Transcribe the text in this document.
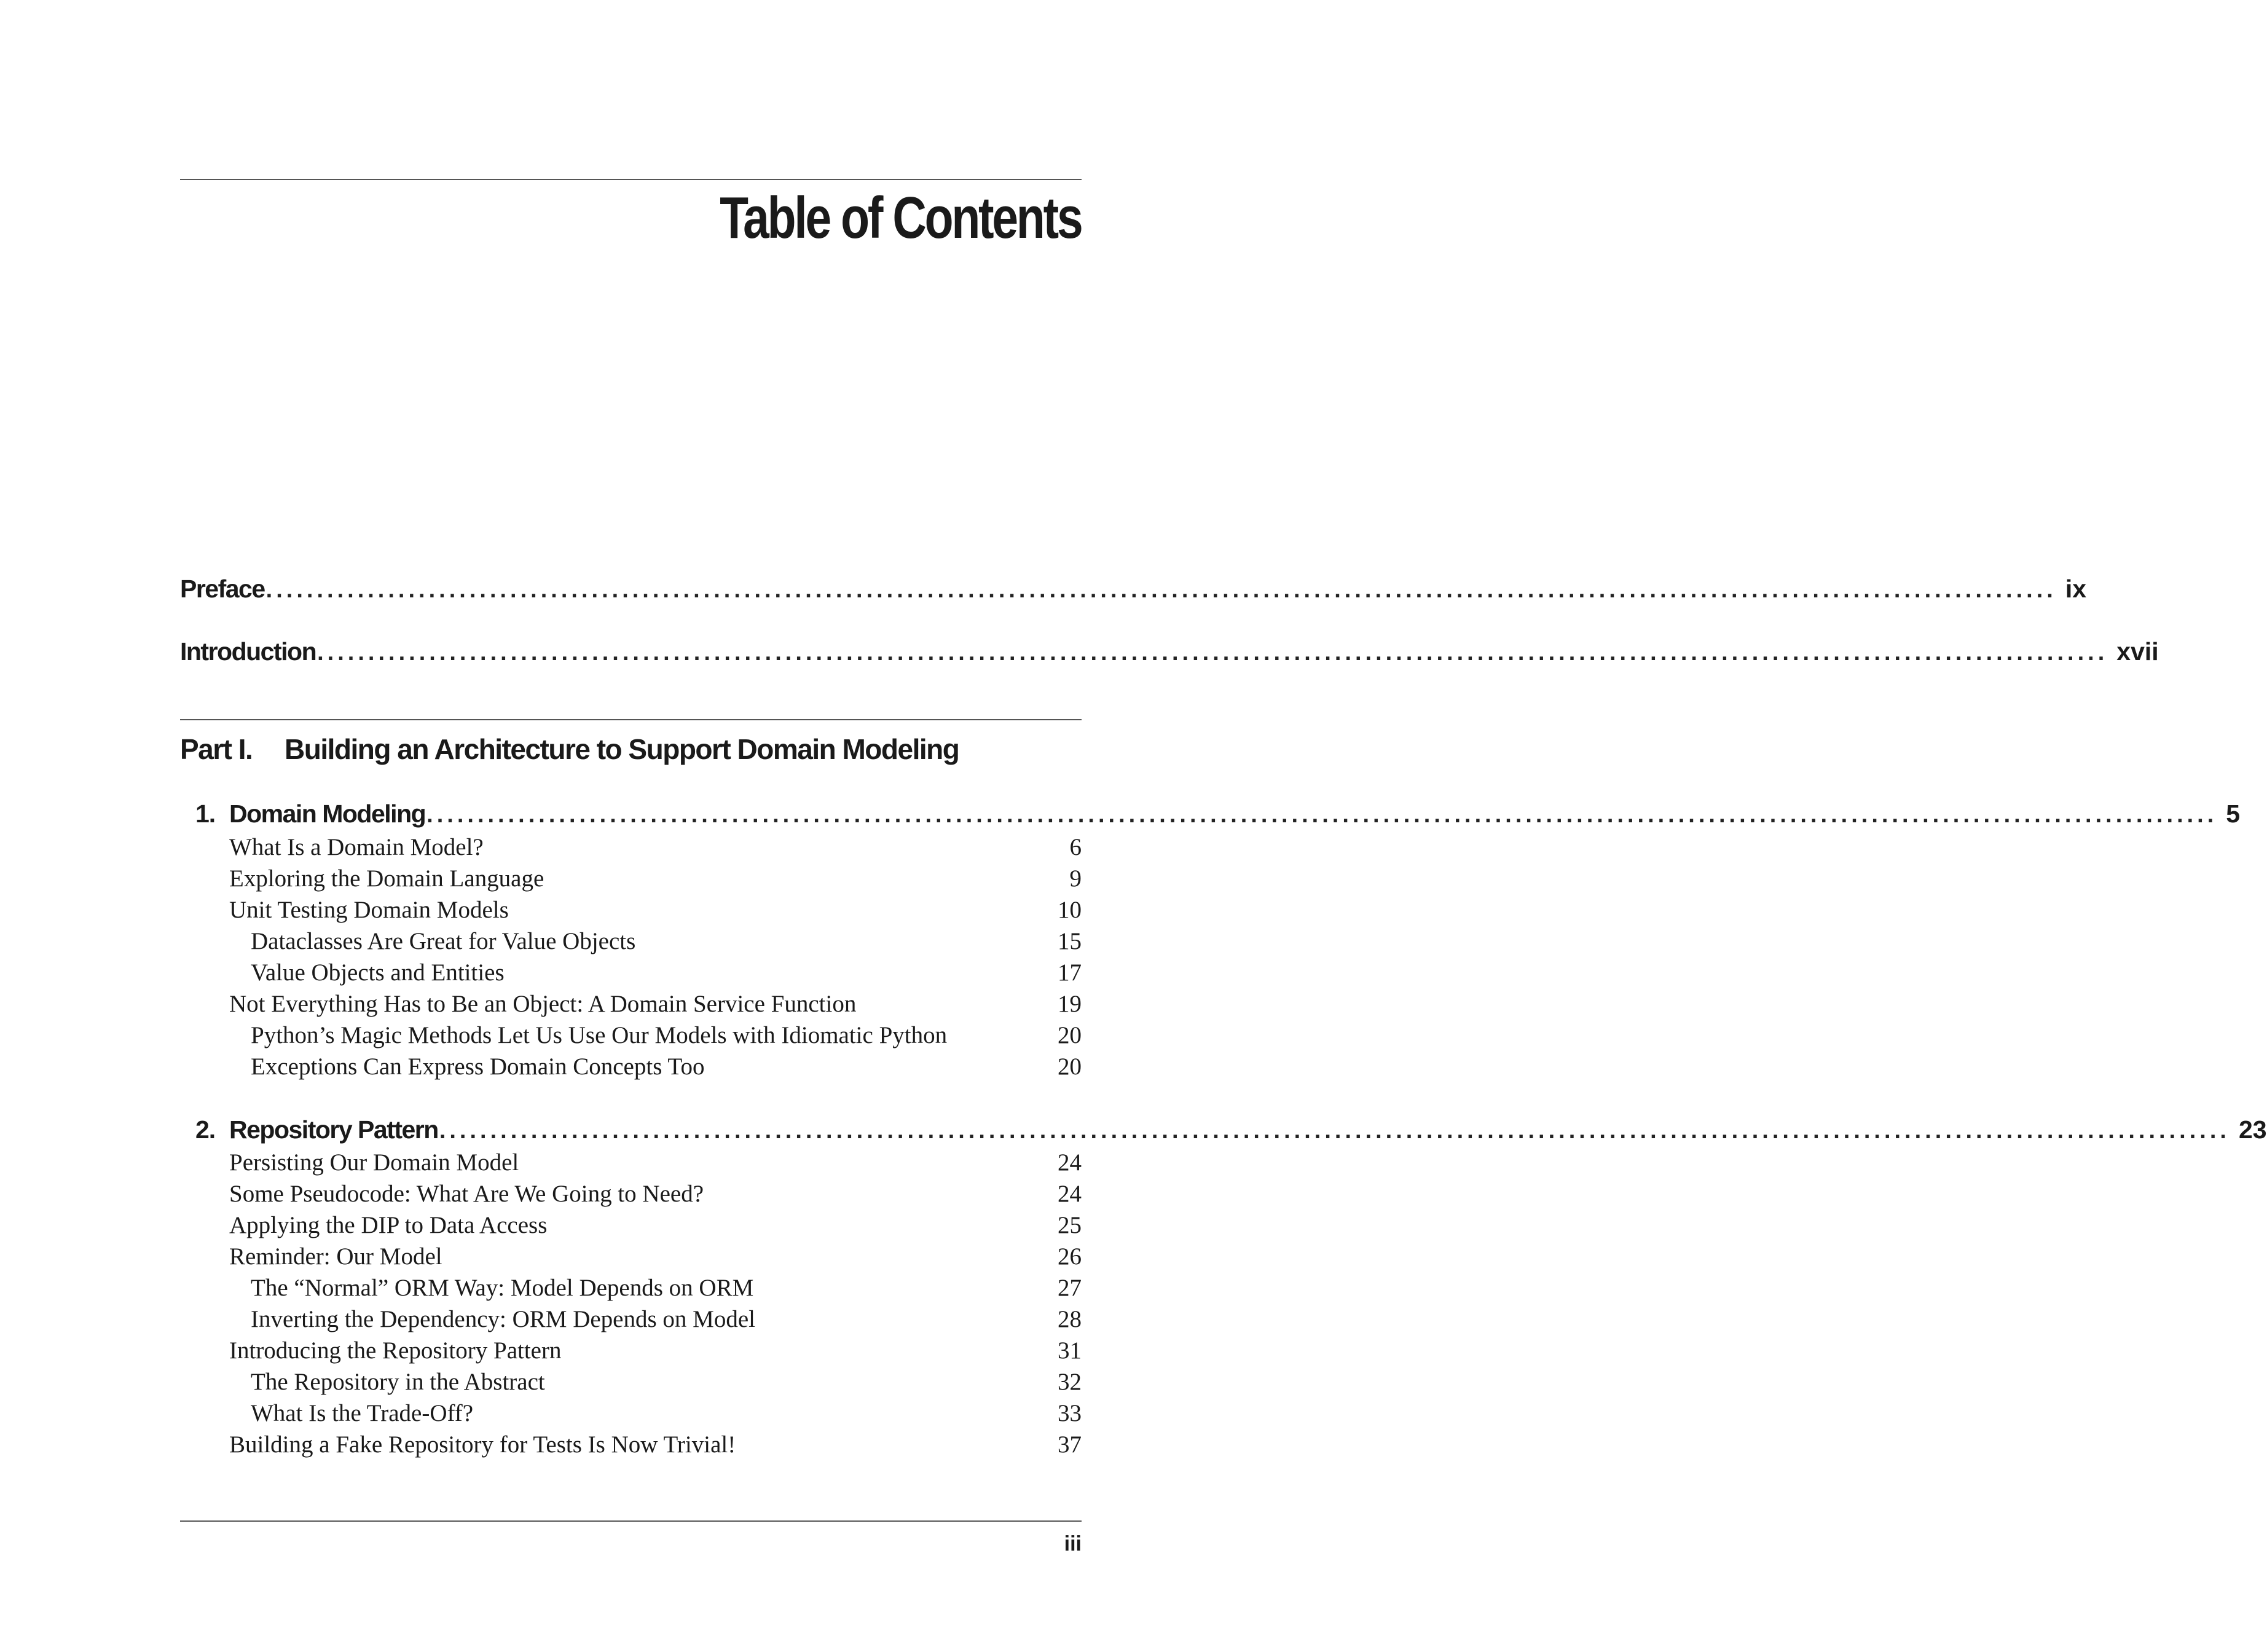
Table of Contents
Preface ................................................................................................................................................................................ ix
Introduction ................................................................................................................................................................................ xvii
Part I. Building an Architecture to Support Domain Modeling
1. Domain Modeling ................................................................................................................................................................................ 5
What Is a Domain Model?	6
Exploring the Domain Language	9
Unit Testing Domain Models	10
Dataclasses Are Great for Value Objects	15
Value Objects and Entities	17
Not Everything Has to Be an Object: A Domain Service Function	19
Python’s Magic Methods Let Us Use Our Models with Idiomatic Python	20
Exceptions Can Express Domain Concepts Too	20
2. Repository Pattern ................................................................................................................................................................................ 23
Persisting Our Domain Model	24
Some Pseudocode: What Are We Going to Need?	24
Applying the DIP to Data Access	25
Reminder: Our Model	26
The “Normal” ORM Way: Model Depends on ORM	27
Inverting the Dependency: ORM Depends on Model	28
Introducing the Repository Pattern	31
The Repository in the Abstract	32
What Is the Trade-Off?	33
Building a Fake Repository for Tests Is Now Trivial!	37
iii
